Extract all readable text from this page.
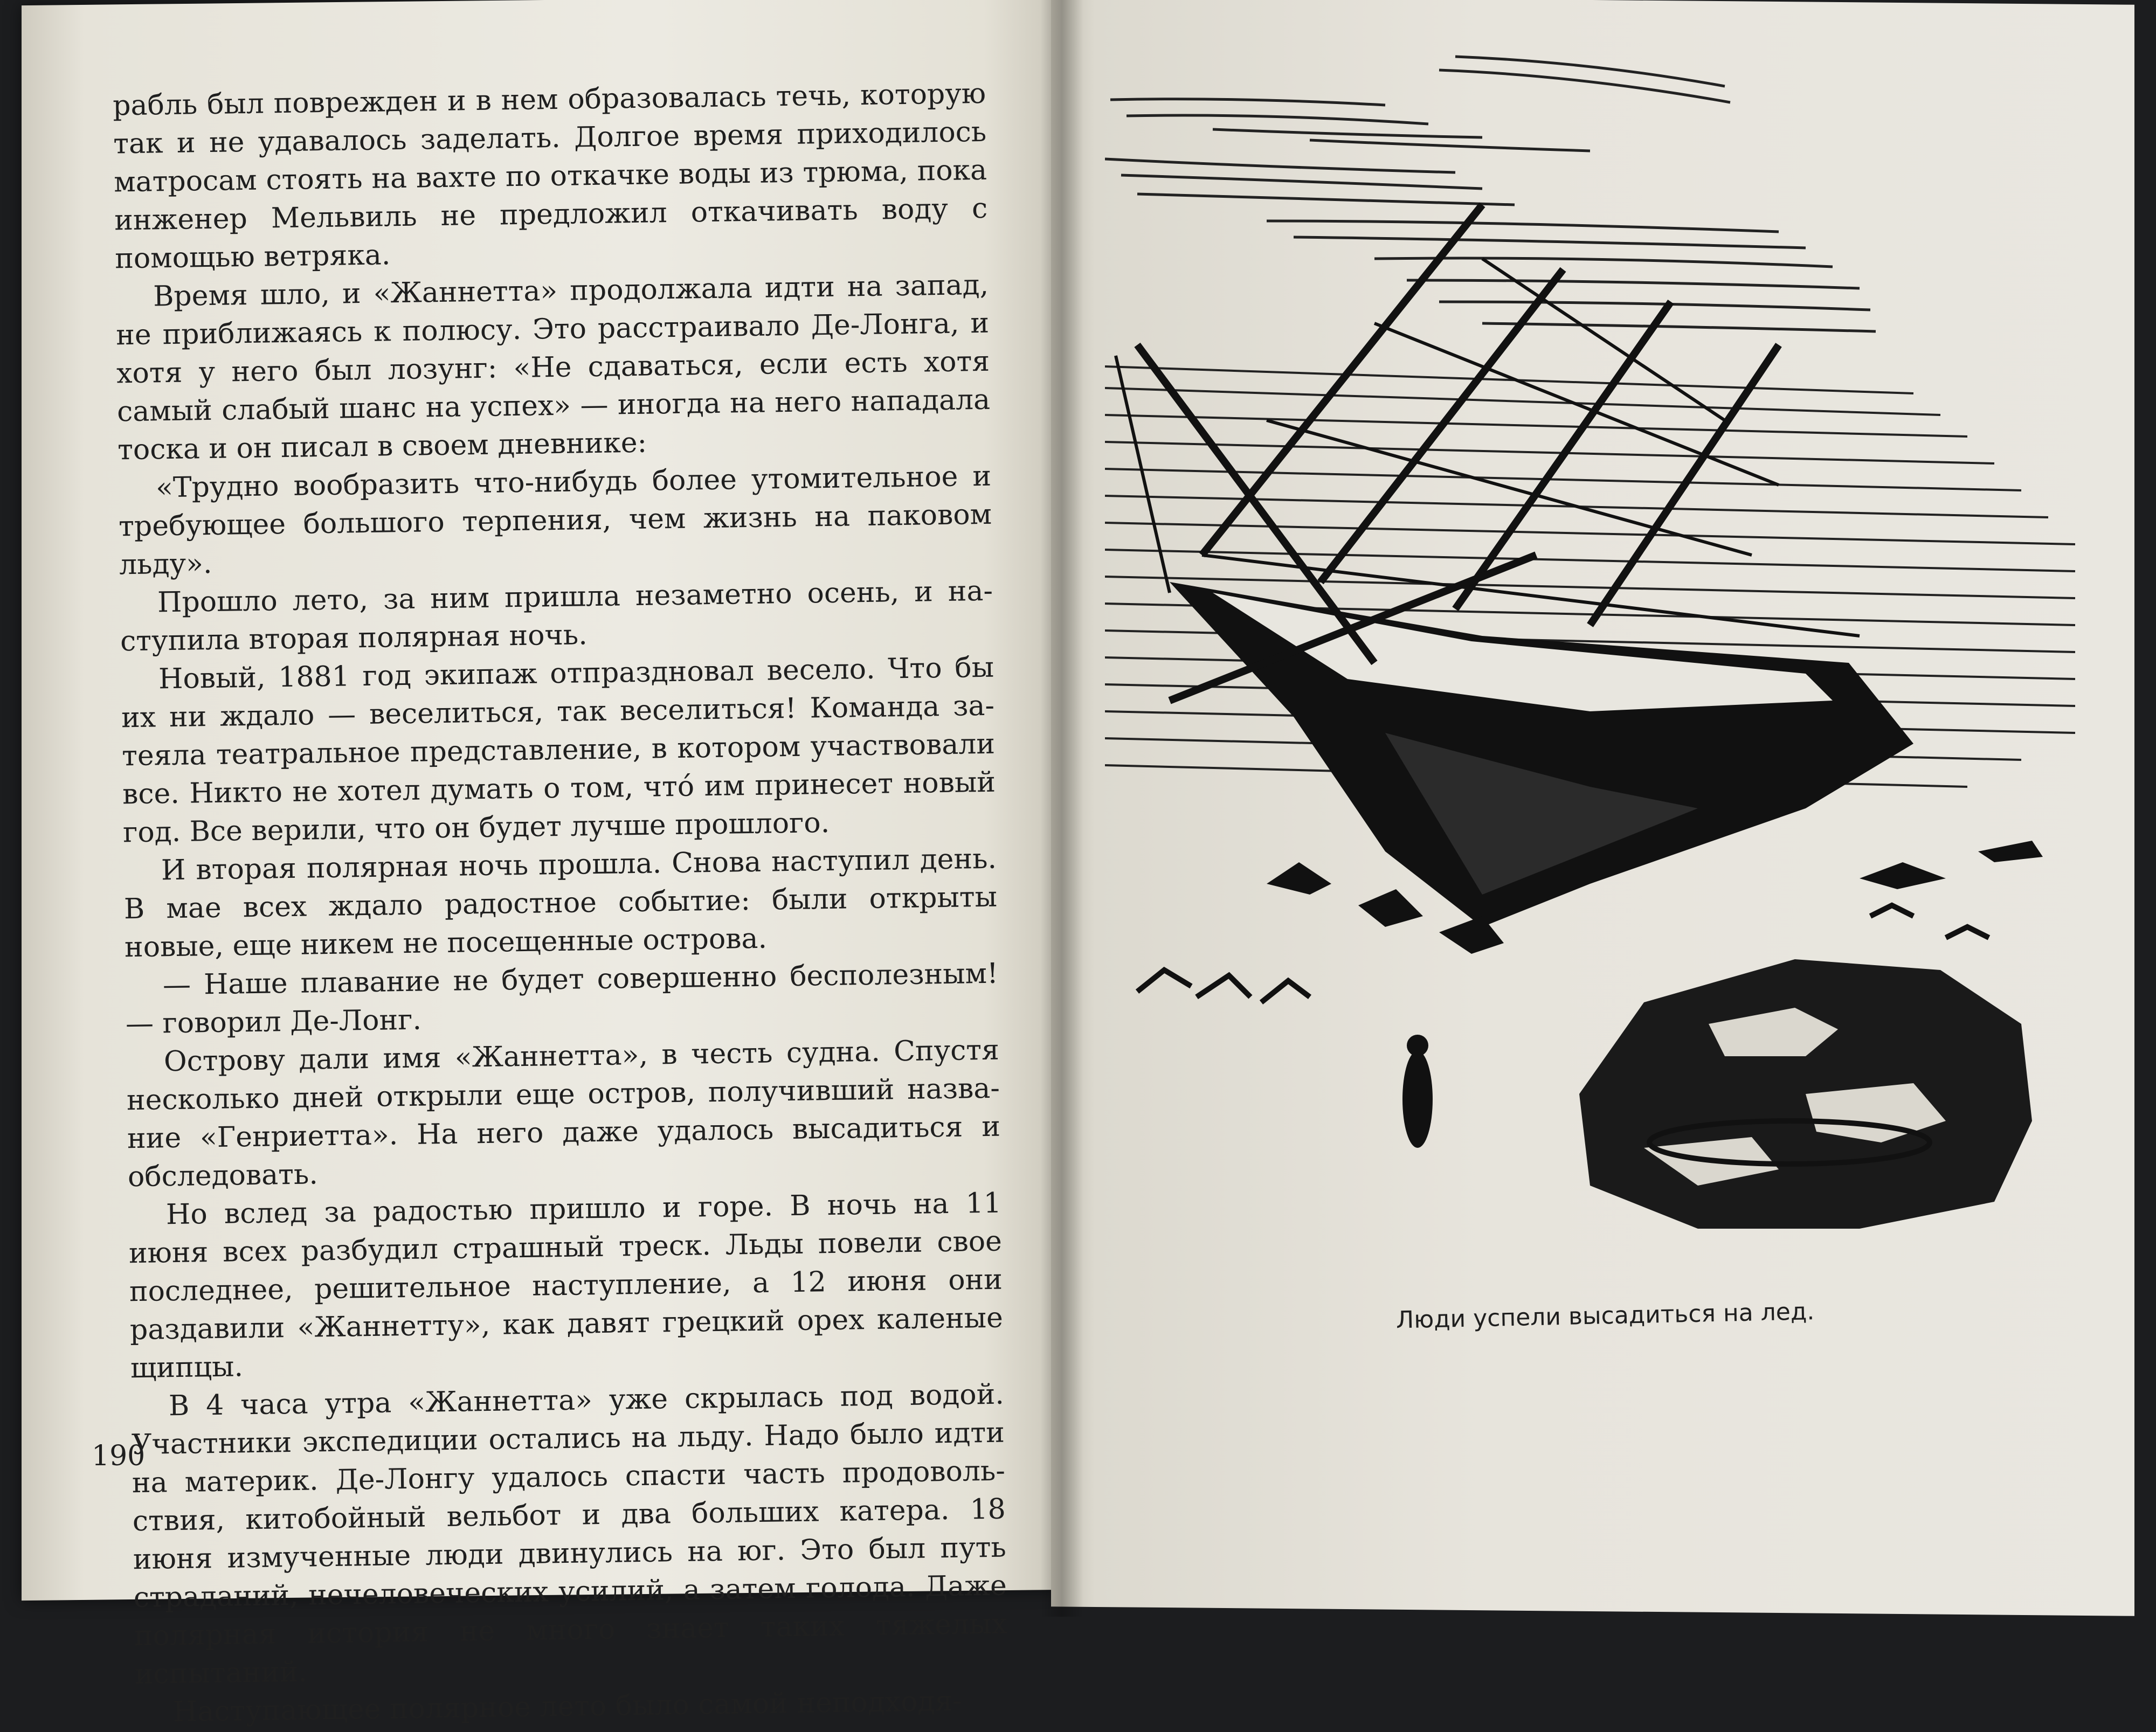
рабль был поврежден и в нем образовалась течь, которую так и не удавалось заделать. Долгое время приходилось матросам стоять на вахте по откачке воды из трюма, пока инженер Мельвиль не предложил откачивать воду с помощью ветряка.

Время шло, и «Жаннетта» продолжала идти на запад, не приближаясь к полюсу. Это расстраивало Де-Лонга, и хотя у него был лозунг: «Не сдаваться, если есть хотя самый слабый шанс на успех» — иногда на него нападала тоска и он писал в своем дневнике:

«Трудно вообразить что-нибудь более утомительное и требующее большого терпения, чем жизнь на паковом льду».

Прошло лето, за ним пришла незаметно осень, и наступила вторая полярная ночь.

Новый, 1881 год экипаж отпраздновал весело. Что бы их ни ждало — веселиться, так веселиться! Команда затеяла театральное представление, в котором участвовали все. Никто не хотел думать о том, что́ им принесет новый год. Все верили, что он будет лучше прошлого.

И вторая полярная ночь прошла. Снова наступил день. В мае всех ждало радостное событие: были открыты новые, еще никем не посещенные острова.

— Наше плавание не будет совершенно бесполезным! — говорил Де-Лонг.

Острову дали имя «Жаннетта», в честь судна. Спустя несколько дней открыли еще остров, получивший название «Генриетта». На него даже удалось высадиться и обследовать.

Но вслед за радостью пришло и горе. В ночь на 11 июня всех разбудил страшный треск. Льды повели свое последнее, решительное наступление, а 12 июня они раздавили «Жаннетту», как давят грецкий орех каленые щипцы.

В 4 часа утра «Жаннетта» уже скрылась под водой. Участники экспедиции остались на льду. Надо было идти на материк. Де-Лонгу удалось спасти часть продовольствия, китобойный вельбот и два больших катера. 18 июня измученные люди двинулись на юг. Это был путь страданий, нечеловеческих усилий, а затем голода. Даже полярная история не много знает таких тяжелых испытаний.

Наступающее полярное лето было самой неподходя-

190
Люди успели высадиться на лед.
